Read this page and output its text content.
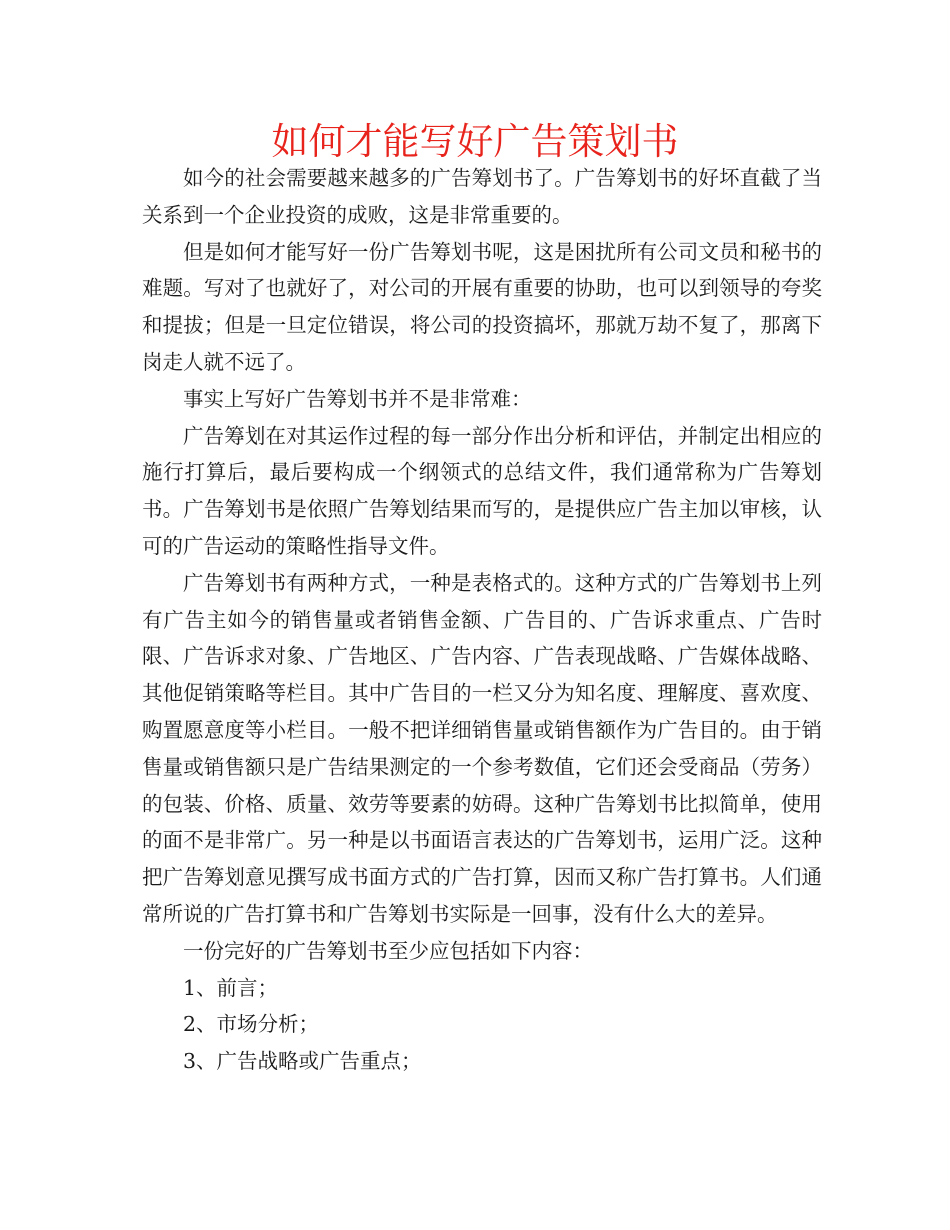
如何才能写好广告策划书

如今的社会需要越来越多的广告筹划书了。广告筹划书的好坏直截了当关系到一个企业投资的成败，这是非常重要的。

但是如何才能写好一份广告筹划书呢，这是困扰所有公司文员和秘书的难题。写对了也就好了，对公司的开展有重要的协助，也可以到领导的夸奖和提拔；但是一旦定位错误，将公司的投资搞坏，那就万劫不复了，那离下岗走人就不远了。

事实上写好广告筹划书并不是非常难：

广告筹划在对其运作过程的每一部分作出分析和评估，并制定出相应的施行打算后，最后要构成一个纲领式的总结文件，我们通常称为广告筹划书。广告筹划书是依照广告筹划结果而写的，是提供应广告主加以审核，认可的广告运动的策略性指导文件。

广告筹划书有两种方式，一种是表格式的。这种方式的广告筹划书上列有广告主如今的销售量或者销售金额、广告目的、广告诉求重点、广告时限、广告诉求对象、广告地区、广告内容、广告表现战略、广告媒体战略、其他促销策略等栏目。其中广告目的一栏又分为知名度、理解度、喜欢度、购置愿意度等小栏目。一般不把详细销售量或销售额作为广告目的。由于销售量或销售额只是广告结果测定的一个参考数值，它们还会受商品（劳务）的包装、价格、质量、效劳等要素的妨碍。这种广告筹划书比拟简单，使用的面不是非常广。另一种是以书面语言表达的广告筹划书，运用广泛。这种把广告筹划意见撰写成书面方式的广告打算，因而又称广告打算书。人们通常所说的广告打算书和广告筹划书实际是一回事，没有什么大的差异。

一份完好的广告筹划书至少应包括如下内容：

1、前言；

2、市场分析；

3、广告战略或广告重点；
